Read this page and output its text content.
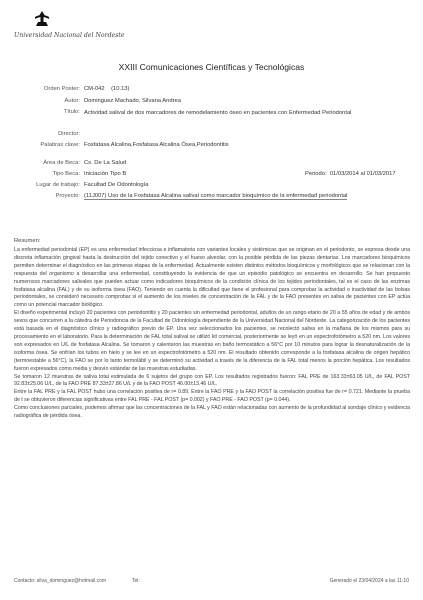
Universidad Nacional del Nordeste
XXIII Comunicaciones Científicas y Tecnológicas
Orden Poster: CM-042 (10.13)
Autor: Dominguez Machado, Silvana Andrea
Título: Actividad salival de dos marcadores de remodelamiento óseo en pacientes con Enfermedad Periodontal
Director:
Palabras clave: Fosfatasa Alcalina,Fosfatasa Alcalina Ósea,Periodontitis
Área de Beca: Cs. De La Salud
Tipo Beca: Iniciación Tipo B	Periodo: 01/03/2014 al 01/03/2017
Lugar de trabajo: Facultad De Odontología
Proyecto: (11J007) Uso de la Fosfatasa Alcalina salival como marcador bioquímico de la enfermedad periodontal
Resumen:

La enfermedad periodontal (EP) es una enfermedad infecciosa e inflamatoria con variantes locales y sistémicas que se originan en el periodonto, se expresa desde una discreta inflamación gingival hasta la destrucción del tejido conectivo y el hueso alveolar, con la posible pérdida de las piezas dentarias. Los marcadores bioquímicos permiten determinar el diagnóstico en las primeras etapas de la enfermedad. Actualmente existen distintos métodos bioquímicos y morfológicos que se relacionan con la respuesta del organismo a desarrollar una enfermedad, constituyendo la evidencia de que un episodio patológico se encuentra en desarrollo. Se han propuesto numerosos marcadores salivales que pueden actuar como indicadores bioquímicos de la condición clínica de los tejidos periodontales, tal es el caso de las enzimas fosfatasa alcalina (FAL) y de su isoforma ósea (FAO). Teniendo en cuenta la dificultad que tiene el profesional para comprobar la actividad o inactividad de las bolsas periodontales, se consideró necesario comprobar si el aumento de los niveles de concentración de la FAL y de la FAO presentes en saliva de pacientes con EP actúa como un potencial marcador biológico.

El diseño experimental incluyó 20 pacientes con periodontitis y 20 pacientes sin enfermedad periodontal, adultos de un rango etario de 20 a 55 años de edad y de ambos sexos que concurren a la cátedra de Periodoncia de la Facultad de Odontología dependiente de la Universidad Nacional del Nordeste. La categorización de los pacientes está basada en el diagnóstico clínico y radiográfico previo de EP. Una vez seleccionados los pacientes, se recolectó saliva en la mañana de los mismos para su procesamiento en el laboratorio. Para la determinación de FAL total salival se utilizó kit comercial, posteriormente se leyó en un espectrofotómetro a 520 nm. Los valores son expresados en U/L de fosfatasa Alcalina. Se tomaron y calentaron las muestras en baño termostático a 56°C por 10 minutos para lograr la desnaturalización de la isoforma ósea. Se enfrían los tubos en hielo y se lee en un espectrofotómetro a 520 nm. El resultado obtenido corresponde a la fosfatasa alcalina de origen hepático (termoestable a 56°C), la FAO se por lo tanto termolábil y se determinó su actividad a través de la diferencia de la FAL total menos la porción hepática. Los resultados fueron expresados como media y desvío estándar de las muestras estudiadas.

Se tomaron 12 muestras de saliva total estimulada de 6 sujetos del grupo con EP. Los resultados registrados fueron: FAL PRE de 163.33±63.05 U/L, de FAL POST 92.83±25.06 U/L, de la FAO PRE 87.33±27.86 U/L y de la FAO POST 46.00±13.46 U/L.

Entre la FAL PRE y la FAL POST hubo una correlación positiva de r= 0.89. Entre la FAO PRE y la FAO POST la correlación positiva fue de r= 0.721. Mediante la prueba de t se obtuvieron diferencias significativas entre FAL PRE - FAL POST (p= 0.002) y FAO PRE - FAO POST (p= 0.044).

Como conclusiones parciales, podemos afirmar que las concentraciones de la FAL y FAO están relacionadas con aumento de la profundidad al sondaje clínico y evidencia radiográfica de pérdida ósea.

Contacto: silva_dominguez@hotmail.com	Tel:	Generado el 23/04/2024 a las 11:10
